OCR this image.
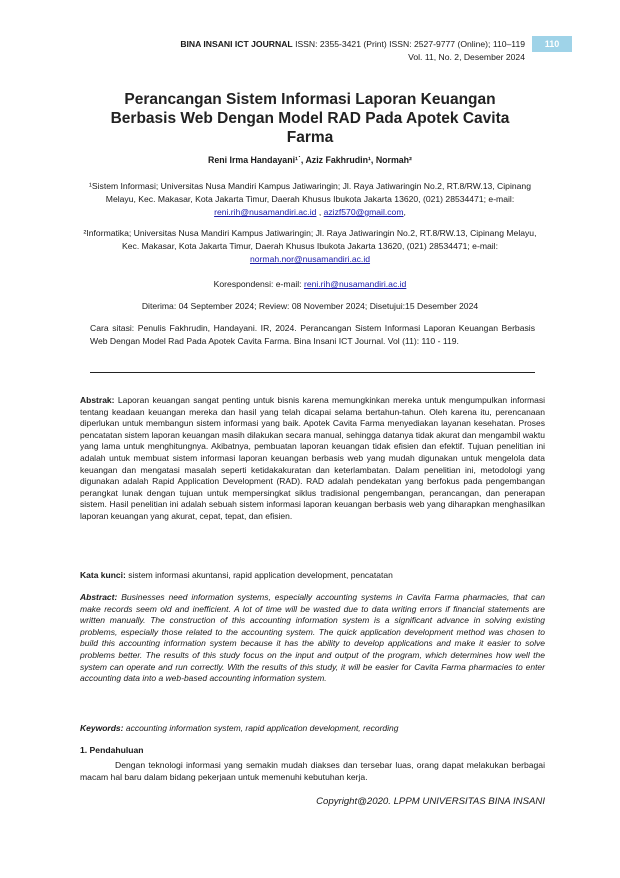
BINA INSANI ICT JOURNAL ISSN: 2355-3421 (Print) ISSN: 2527-9777 (Online); 110–119
Vol. 11, No. 2, Desember 2024
110
Perancangan Sistem Informasi Laporan Keuangan Berbasis Web Dengan Model RAD Pada Apotek Cavita Farma
Reni Irma Handayani¹˙, Aziz Fakhrudin¹, Normah²
¹Sistem Informasi; Universitas Nusa Mandiri Kampus Jatiwaringin; Jl. Raya Jatiwaringin No.2, RT.8/RW.13, Cipinang Melayu, Kec. Makasar, Kota Jakarta Timur, Daerah Khusus Ibukota Jakarta 13620, (021) 28534471; e-mail: reni.rih@nusamandiri.ac.id , azizf570@gmail.com,
²Informatika; Universitas Nusa Mandiri Kampus Jatiwaringin; Jl. Raya Jatiwaringin No.2, RT.8/RW.13, Cipinang Melayu, Kec. Makasar, Kota Jakarta Timur, Daerah Khusus Ibukota Jakarta 13620, (021) 28534471; e-mail: normah.nor@nusamandiri.ac.id
Korespondensi: e-mail: reni.rih@nusamandiri.ac.id
Diterima: 04 September 2024; Review: 08 November 2024; Disetujui:15 Desember 2024
Cara sitasi: Penulis Fakhrudin, Handayani. IR, 2024. Perancangan Sistem Informasi Laporan Keuangan Berbasis Web Dengan Model Rad Pada Apotek Cavita Farma. Bina Insani ICT Journal. Vol (11): 110 - 119.
Abstrak: Laporan keuangan sangat penting untuk bisnis karena memungkinkan mereka untuk mengumpulkan informasi tentang keadaan keuangan mereka dan hasil yang telah dicapai selama bertahun-tahun. Oleh karena itu, perencanaan diperlukan untuk membangun sistem informasi yang baik. Apotek Cavita Farma menyediakan layanan kesehatan. Proses pencatatan sistem laporan keuangan masih dilakukan secara manual, sehingga datanya tidak akurat dan mengambil waktu yang lama untuk menghitungnya. Akibatnya, pembuatan laporan keuangan tidak efisien dan efektif. Tujuan penelitian ini adalah untuk membuat sistem informasi laporan keuangan berbasis web yang mudah digunakan untuk mengelola data keuangan dan mengatasi masalah seperti ketidakakuratan dan keterlambatan. Dalam penelitian ini, metodologi yang digunakan adalah Rapid Application Development (RAD). RAD adalah pendekatan yang berfokus pada pengembangan perangkat lunak dengan tujuan untuk mempersingkat siklus tradisional pengembangan, perancangan, dan penerapan sistem. Hasil penelitian ini adalah sebuah sistem informasi laporan keuangan berbasis web yang diharapkan menghasilkan laporan keuangan yang akurat, cepat, tepat, dan efisien.
Kata kunci: sistem informasi akuntansi, rapid application development, pencatatan
Abstract: Businesses need information systems, especially accounting systems in Cavita Farma pharmacies, that can make records seem old and inefficient. A lot of time will be wasted due to data writing errors if financial statements are written manually. The construction of this accounting information system is a significant advance in solving existing problems, especially those related to the accounting system. The quick application development method was chosen to build this accounting information system because it has the ability to develop applications and make it easier to solve problems better. The results of this study focus on the input and output of the program, which determines how well the system can operate and run correctly. With the results of this study, it will be easier for Cavita Farma pharmacies to enter accounting data into a web-based accounting information system.
Keywords: accounting information system, rapid application development, recording
1. Pendahuluan
Dengan teknologi informasi yang semakin mudah diakses dan tersebar luas, orang dapat melakukan berbagai macam hal baru dalam bidang pekerjaan untuk memenuhi kebutuhan kerja.
Copyright@2020. LPPM UNIVERSITAS BINA INSANI
